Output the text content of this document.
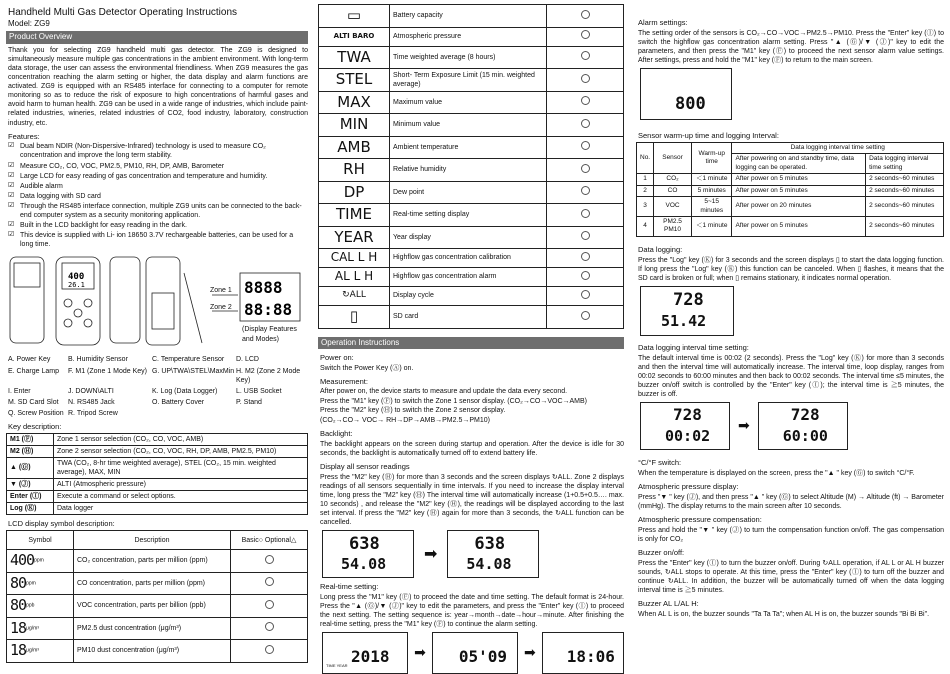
Handheld Multi Gas Detector Operating Instructions
Model: ZG9
Product Overview

Thank you for selecting ZG9 handheld multi gas detector. The ZG9 is designed to simultaneously measure multiple gas concentrations in the ambient environment. With long-term data storage, the user can assess the environmental friendliness. When ZG9 measures the gas concentration reaching the alarm setting or higher, the data display and alarm functions are activated. ZG9 is equipped with an RS485 interface for connecting to a computer for remote monitoring so as to reduce the risk of exposure to high concentrations of harmful gases and avoid harm to human health. ZG9 can be used in a wide range of industries, which include paint-related industries, wineries, related industries of CO2, food industry, laboratory, construction industry, etc.

Features:
☑ Dual beam NDIR (Non-Dispersive-Infrared) technology is used to measure CO₂ concentration and improve the long term stability.
☑ Measure CO₂, CO, VOC, PM2.5, PM10, RH, DP, AMB, Barometer
☑ Large LCD for easy reading of gas concentration and temperature and humidity.
☑ Audible alarm
☑ Data logging with SD card
☑ Through the RS485 interface connection, multiple ZG9 units can be connected to the back-end computer system as a security monitoring application.
☑ Built in the LCD backlight for easy reading in the dark.
☑ This device is supplied with Li- ion 18650 3.7V rechargeable batteries, can be used for a long time.
400
26.1	8888
88:88
Zone 1
Zone 2
(Display Features and Modes)
A. Power Key	B. Humidity Sensor	C. Temperature Sensor	D. LCD
E. Charge Lamp	F. M1 (Zone 1 Mode Key) G. UP\TWA\STEL\MaxMin H. M2 (Zone 2 Mode Key)
I. Enter	J. DOWN\ALTI	K. Log (Data Logger)	L. USB Socket
M. SD Card Slot	N. RS485 Jack	O. Battery Cover	P. Stand
Q. Screw Position R. Tripod Screw
Key description:
M1 (Ⓕ)	Zone 1 sensor selection (CO₂, CO, VOC, AMB)
M2 (Ⓗ)	Zone 2 sensor selection (CO₂, CO, VOC, RH, DP, AMB, PM2.5, PM10)
▲ (Ⓖ)	TWA (CO₂, 8-hr time weighted average), STEL (CO₂, 15 min. weighted average), MAX, MIN
▼ (Ⓙ)	ALTI (Atmospheric pressure)
Enter (Ⓘ)	Execute a command or select options.
Log (Ⓚ)	Data logger
LCD display symbol description:
Symbol	Description	Basic○ Optional△
$400^{ppm}$	CO₂ concentration, parts per million (ppm)	
$80^{ppm}$	CO concentration, parts per million (ppm)	
$80^{ppb}$	VOC concentration, parts per billion (ppb)	
$18^{\mu g/m^3}$	PM2.5 dust concentration (μg/m³)	
$18^{\mu g/m^3}$	PM10 dust concentration (μg/m³)	
▭	Battery capacity	
ALTI BARO	Atmospheric pressure	
TWA	Time weighted average (8 hours)	
STEL	Short- Term Exposure Limit (15 min. weighted average)	
MAX	Maximum value	
MIN	Minimum value	
AMB	Ambient temperature	
RH	Relative humidity	
DP	Dew point	
TIME	Real-time setting display	
YEAR	Year display	
CAL L H	Highflow gas concentration calibration	
AL L H	Highflow gas concentration alarm	
↻ALL	Display cycle	
▯	SD card	
Operation Instructions
Power on:

Switch the Power Key (Ⓐ) on.

Measurement:

After power on, the device starts to measure and update the data every second.

Press the "M1" key (Ⓕ) to switch the Zone 1 sensor display. (CO₂→CO→VOC→AMB)

Press the "M2" key (Ⓗ) to switch the Zone 2 sensor display.

(CO₂→CO→ VOC→ RH→DP→AMB→PM2.5→PM10)

Backlight:

The backlight appears on the screen during startup and operation. After the device is idle for 30 seconds, the backlight is automatically turned off to extend battery life.

Display all sensor readings

Press the "M2" key (Ⓗ) for more than 3 seconds and the screen displays ↻ALL. Zone 2 displays readings of all sensors sequentially in time intervals. If you need to increase the display interval time, long press the "M2" key (Ⓗ) The interval time will automatically increase (1+0.5+0.5…. max. 10 seconds) , and release the "M2" key (Ⓗ), the readings will be displayed according to the last set interval. If press the "M2" key (Ⓗ) again for more than 3 seconds, the ↻ALL function can be cancelled.

638
54.08
➡ 638
54.08
Real-time setting:

Long press the "M1" key (Ⓕ) to proceed the date and time setting. The default format is 24-hour. Press the "▲ (Ⓖ)/▼ (Ⓙ)" key to edit the parameters, and press the "Enter" key (Ⓘ) to proceed the next setting. The setting sequence is: year→month→date→hour→minute. After finishing the real-time setting, press the "M1" key (Ⓕ) to continue the alarm setting.

2018
TIME YEAR
➡ 05'09 ➡ 18:06
Alarm settings:

The setting order of the sensors is CO₂→CO→VOC→PM2.5→PM10. Press the "Enter" key (Ⓘ) to switch the highflow gas concentration alarm setting. Press "▲ (Ⓖ)/▼ (Ⓙ)" key to edit the parameters, and then press the "M1" key (Ⓕ) to proceed the next sensor alarm value settings. After settings, press and hold the "M1" key (Ⓕ) to return to the main screen.

800
Sensor warm-up time and logging Interval:
No.	Sensor	Warm-up time	Data logging interval time setting	
			After powering on and standby time, data logging can be operated.	Data logging interval time setting
1	CO₂	＜1 minute	After power on 5 minutes	2 seconds~60 minutes
2	CO	5 minutes	After power on 5 minutes	2 seconds~60 minutes
3	VOC	5~15 minutes	After power on 20 minutes	2 seconds~60 minutes
4	PM2.5 PM10	＜1 minute	After power on 5 minutes	2 seconds~60 minutes
Data logging:

Press the "Log" key (Ⓚ) for 3 seconds and the screen displays ▯ to start the data logging function. If long press the "Log" key (Ⓚ) this function can be canceled. When ▯ flashes, it means that the SD card is broken or full; when ▯ remains stationary, it indicates normal operation.

728
51.42
Data logging interval time setting:

The default interval time is 00:02 (2 seconds). Press the "Log" key (Ⓚ) for more than 3 seconds and then the interval time will automatically increase. The interval time, loop display, ranges from 00:02 seconds to 60:00 minutes and then back to 00:02 seconds. The interval time ≤5 minutes, the buzzer on/off switch is controlled by the "Enter" key (Ⓘ); the interval time is ≧5 minutes, the buzzer is off.

728
00:02
➡
728
60:00
°C/°F switch:

When the temperature is displayed on the screen, press the "▲ " key (Ⓖ) to switch °C/°F.

Atmospheric pressure display:

Press "▼ " key (Ⓙ), and then press "▲ " key (Ⓖ) to select Altitude (M) → Altitude (ft) → Barometer (mmHg). The display returns to the main screen after 10 seconds.

Atmospheric pressure compensation:

Press and hold the "▼ " key (Ⓙ) to turn the compensation function on/off. The gas compensation is only for CO₂

Buzzer on/off:

Press the "Enter" key (Ⓘ) to turn the buzzer on/off. During ↻ALL operation, if AL L or AL H buzzer sounds, ↻ALL stops to operate. At this time, press the "Enter" key (Ⓘ) to turn off the buzzer and continue ↻ALL. In addition, the buzzer will be automatically turned off when the data logging interval time is ≧5 minutes.

Buzzer AL L/AL H:

When AL L is on, the buzzer sounds "Ta Ta Ta"; when AL H is on, the buzzer sounds "Bi Bi Bi".
